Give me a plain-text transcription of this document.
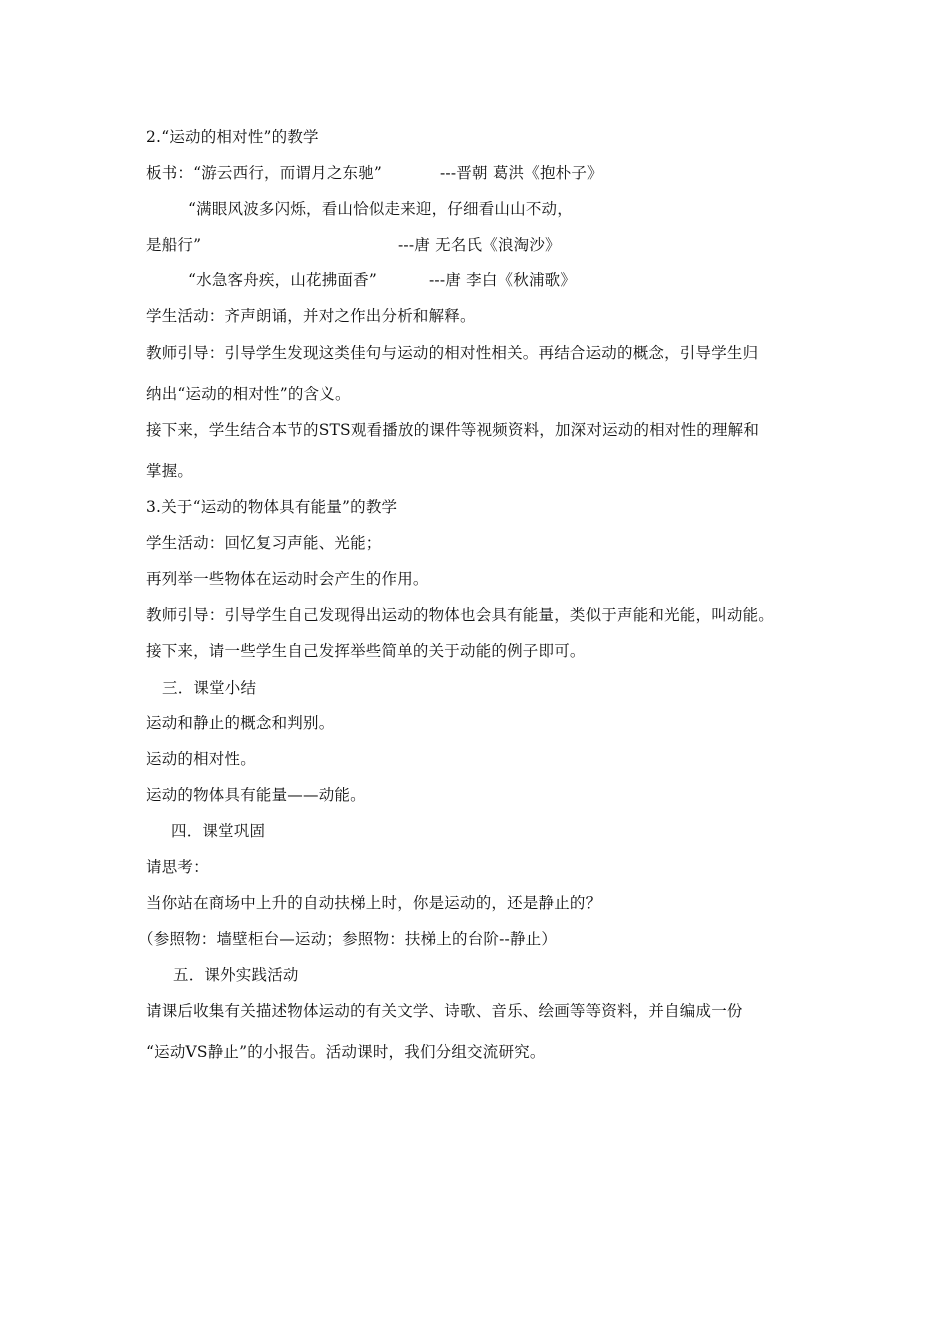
2.“运动的相对性”的教学
板书：“游云西行，而谓月之东驰”	---晋朝 葛洪《抱朴子》
“满眼风波多闪烁，看山恰似走来迎，仔细看山山不动，
是船行”	---唐 无名氏《浪淘沙》
“水急客舟疾，山花拂面香”	---唐 李白《秋浦歌》
学生活动：齐声朗诵，并对之作出分析和解释。
教师引导：引导学生发现这类佳句与运动的相对性相关。再结合运动的概念，引导学生归
纳出“运动的相对性”的含义。
接下来，学生结合本节的STS观看播放的课件等视频资料，加深对运动的相对性的理解和
掌握。
3.关于“运动的物体具有能量”的教学
学生活动：回忆复习声能、光能；
再列举一些物体在运动时会产生的作用。
教师引导：引导学生自己发现得出运动的物体也会具有能量，类似于声能和光能，叫动能。
接下来，请一些学生自己发挥举些简单的关于动能的例子即可。
三．课堂小结
运动和静止的概念和判别。
运动的相对性。
运动的物体具有能量——动能。
四．课堂巩固
请思考：
当你站在商场中上升的自动扶梯上时，你是运动的，还是静止的？
（参照物：墙壁柜台—运动；参照物：扶梯上的台阶--静止）
五．课外实践活动
请课后收集有关描述物体运动的有关文学、诗歌、音乐、绘画等等资料，并自编成一份
“运动VS静止”的小报告。活动课时，我们分组交流研究。
